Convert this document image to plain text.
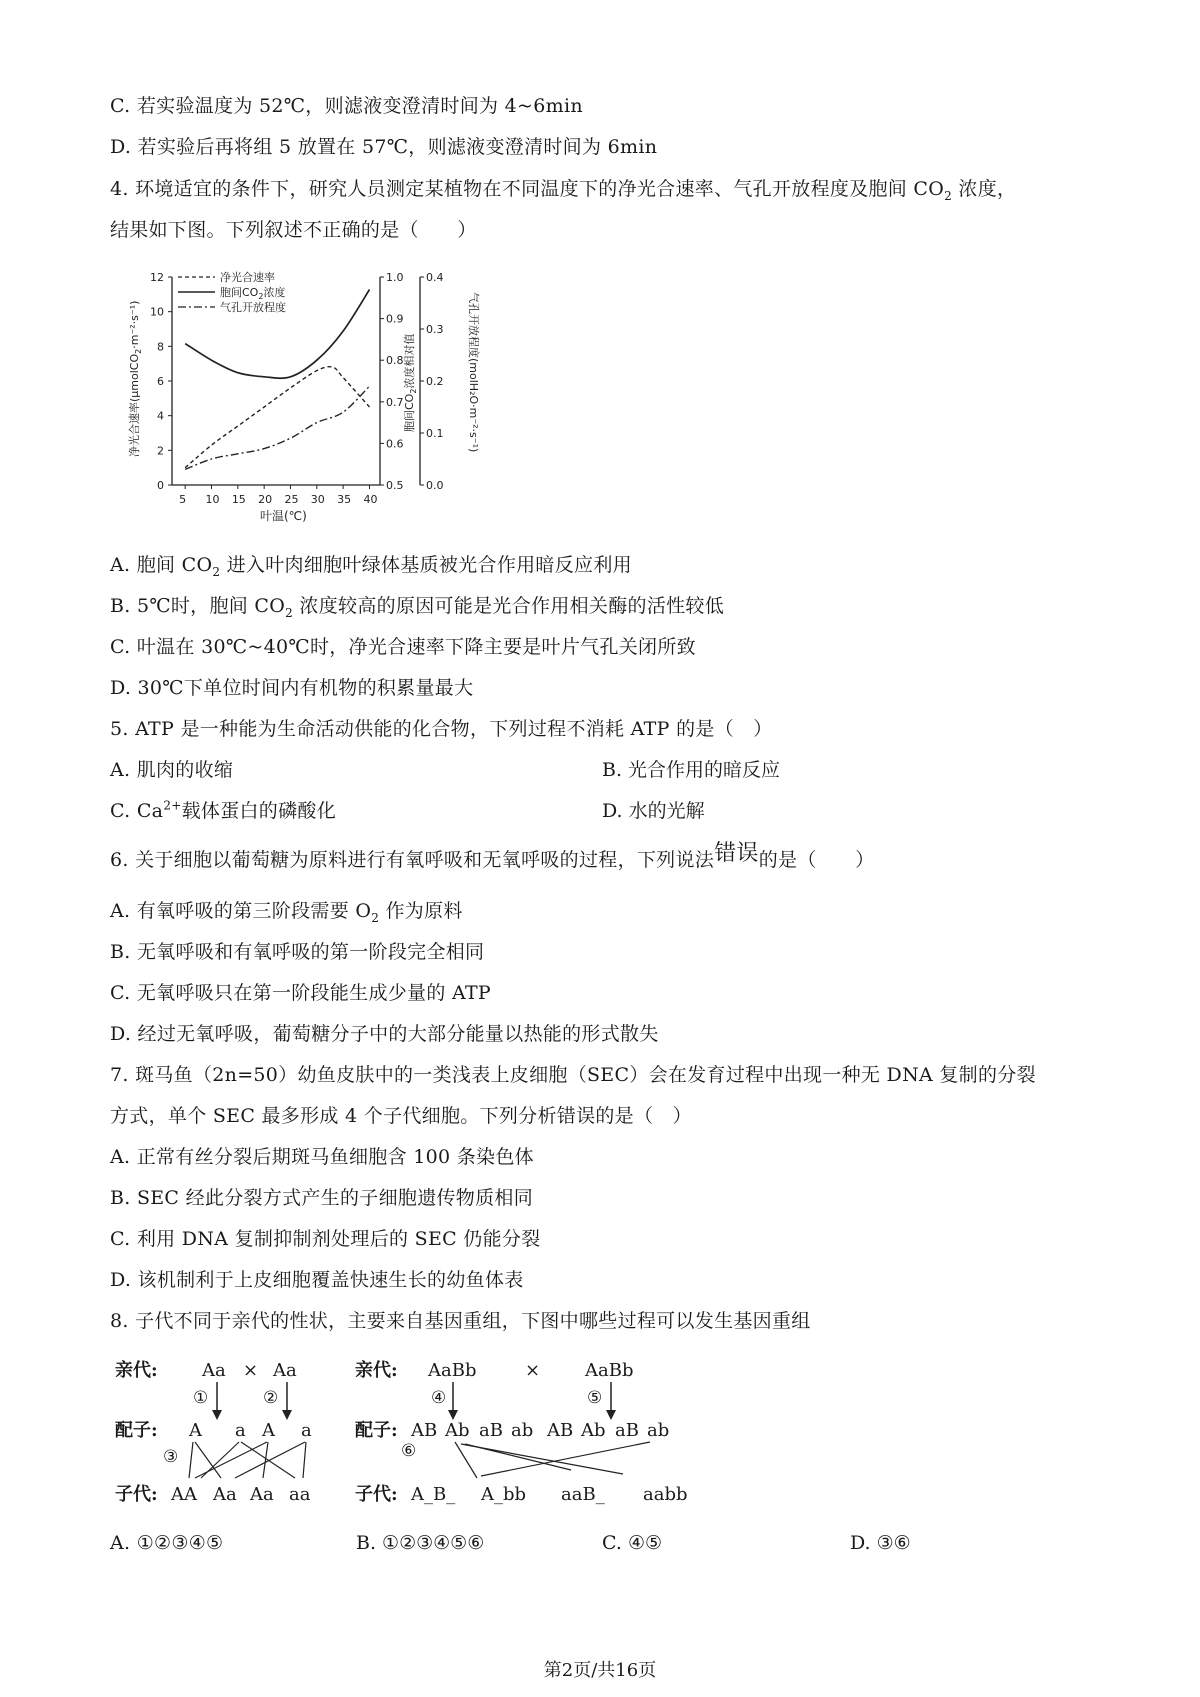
C. 若实验温度为 52℃，则滤液变澄清时间为 4~6min
D. 若实验后再将组 5 放置在 57℃，则滤液变澄清时间为 6min
4. 环境适宜的条件下，研究人员测定某植物在不同温度下的净光合速率、气孔开放程度及胞间 $CO_2$ 浓度，
结果如下图。下列叙述不正确的是（　　）
5 10 15 20 25 30 35 40
0
2
4
6
8
10
12
0.5
0.6
0.7
0.8
0.9
1.0
0.0
0.1
0.2
0.3
0.4
叶温(℃)
净光合速率(μmolCO$_2$·m⁻²·s⁻¹)
胞间$CO_2$浓度相对值	气孔开放程度(molH₂O·m⁻²·s⁻¹)
净光合速率
胞间$CO_2$浓度
气孔开放程度
A. 胞间 $CO_2$ 进入叶肉细胞叶绿体基质被光合作用暗反应利用
B. 5℃时，胞间 $CO_2$ 浓度较高的原因可能是光合作用相关酶的活性较低
C. 叶温在 30℃~40℃时，净光合速率下降主要是叶片气孔关闭所致
D. 30℃下单位时间内有机物的积累量最大
5. ATP 是一种能为生命活动供能的化合物，下列过程不消耗 ATP 的是（　）
A. 肌肉的收缩	B. 光合作用的暗反应
C. $Ca^{2+}$载体蛋白的磷酸化	D. 水的光解
6. 关于细胞以葡萄糖为原料进行有氧呼吸和无氧呼吸的过程，下列说法错误的是（　　）
A. 有氧呼吸的第三阶段需要 $O_2$ 作为原料
B. 无氧呼吸和有氧呼吸的第一阶段完全相同
C. 无氧呼吸只在第一阶段能生成少量的 ATP
D. 经过无氧呼吸，葡萄糖分子中的大部分能量以热能的形式散失
7. 斑马鱼（2n=50）幼鱼皮肤中的一类浅表上皮细胞（SEC）会在发育过程中出现一种无 DNA 复制的分裂
方式，单个 SEC 最多形成 4 个子代细胞。下列分析错误的是（　）
A. 正常有丝分裂后期斑马鱼细胞含 100 条染色体
B. SEC 经此分裂方式产生的子细胞遗传物质相同
C. 利用 DNA 复制抑制剂处理后的 SEC 仍能分裂
D. 该机制利于上皮细胞覆盖快速生长的幼鱼体表
8. 子代不同于亲代的性状，主要来自基因重组，下图中哪些过程可以发生基因重组
亲代: Aa × Aa
①	②
配子: A a A a
③
子代: AA Aa Aa aa
亲代: AaBb	× AaBb
④	⑤
配子: AB Ab aB ab AB Ab aB ab
⑥
子代: A_B_ A_bb aaB_ aabb
A. ①②③④⑤	B. ①②③④⑤⑥	C. ④⑤	D. ③⑥
第2页/共16页
